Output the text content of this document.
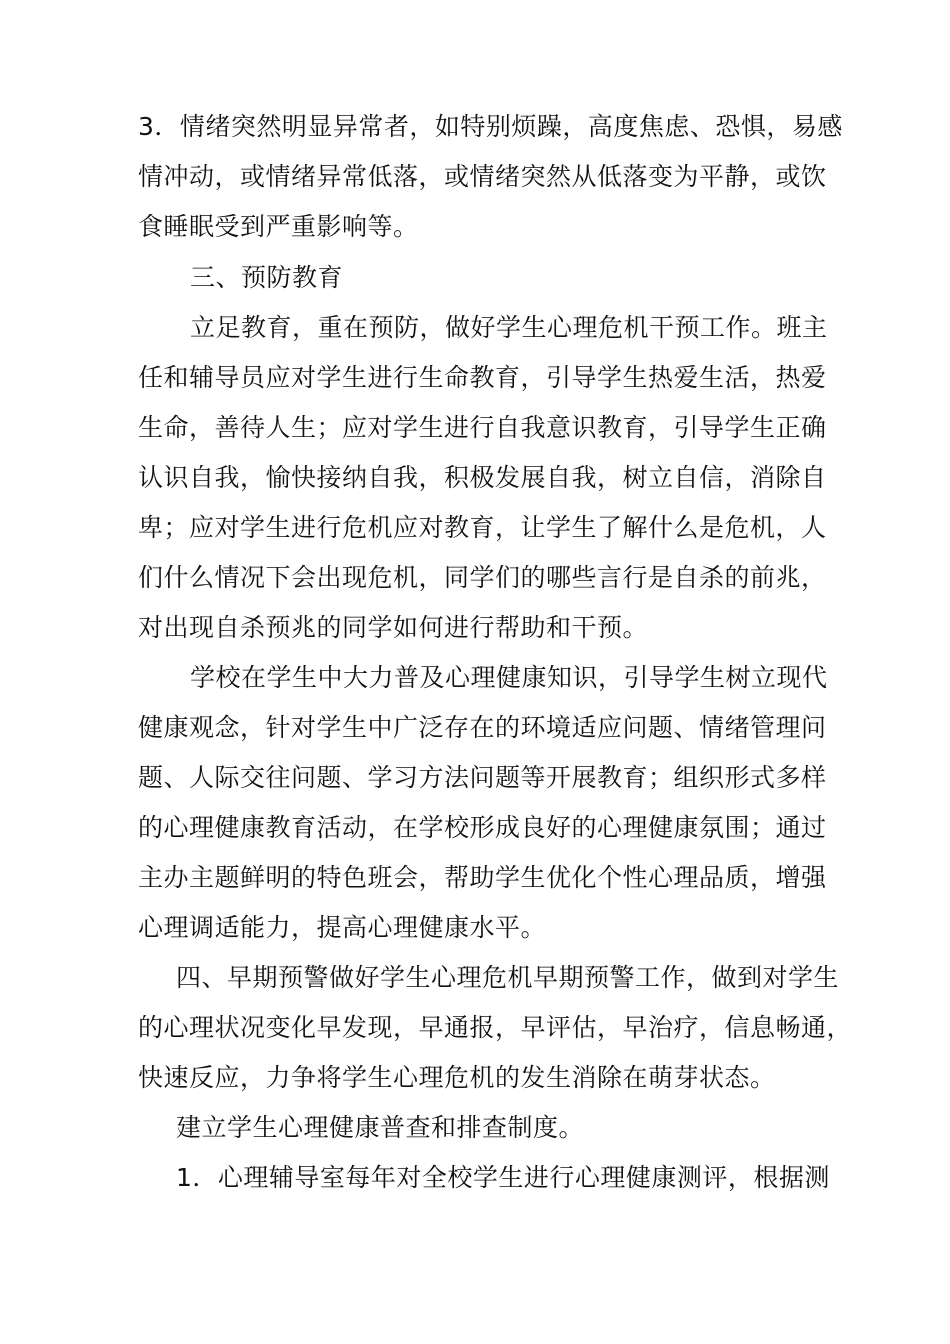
3．情绪突然明显异常者，如特别烦躁，高度焦虑、恐惧，易感

情冲动，或情绪异常低落，或情绪突然从低落变为平静，或饮

食睡眠受到严重影响等。

三、预防教育

立足教育，重在预防，做好学生心理危机干预工作。班主

任和辅导员应对学生进行生命教育，引导学生热爱生活，热爱

生命，善待人生；应对学生进行自我意识教育，引导学生正确

认识自我，愉快接纳自我，积极发展自我，树立自信，消除自

卑；应对学生进行危机应对教育，让学生了解什么是危机，人

们什么情况下会出现危机，同学们的哪些言行是自杀的前兆，

对出现自杀预兆的同学如何进行帮助和干预。

学校在学生中大力普及心理健康知识，引导学生树立现代

健康观念，针对学生中广泛存在的环境适应问题、情绪管理问

题、人际交往问题、学习方法问题等开展教育；组织形式多样

的心理健康教育活动，在学校形成良好的心理健康氛围；通过

主办主题鲜明的特色班会，帮助学生优化个性心理品质，增强

心理调适能力，提高心理健康水平。

四、早期预警做好学生心理危机早期预警工作，做到对学生

的心理状况变化早发现，早通报，早评估，早治疗，信息畅通，

快速反应，力争将学生心理危机的发生消除在萌芽状态。

建立学生心理健康普查和排查制度。

1．心理辅导室每年对全校学生进行心理健康测评，根据测
